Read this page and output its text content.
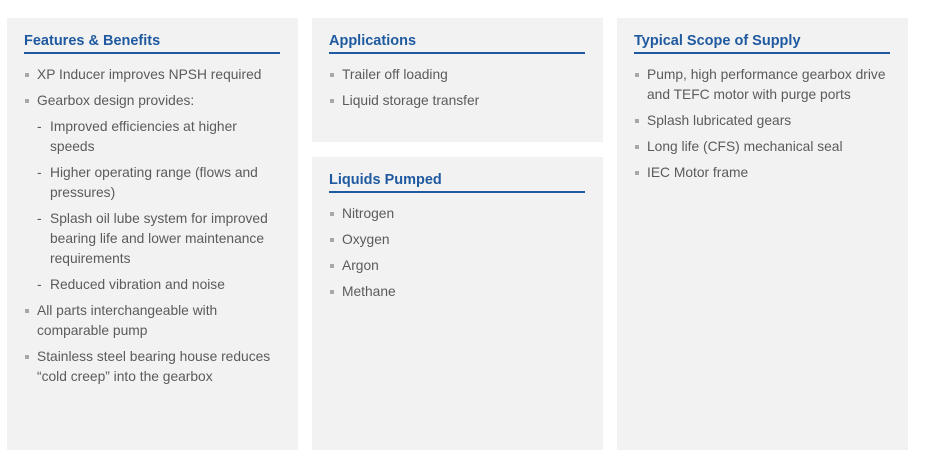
Features & Benefits
XP Inducer improves NPSH required
Gearbox design provides:
- Improved efficiencies at higher speeds
- Higher operating range (flows and pressures)
- Splash oil lube system for improved bearing life and lower maintenance requirements
- Reduced vibration and noise
All parts interchangeable with comparable pump
Stainless steel bearing house reduces “cold creep” into the gearbox
Applications
Trailer off loading
Liquid storage transfer
Liquids Pumped
Nitrogen
Oxygen
Argon
Methane
Typical Scope of Supply
Pump, high performance gearbox drive and TEFC motor with purge ports
Splash lubricated gears
Long life (CFS) mechanical seal
IEC Motor frame
